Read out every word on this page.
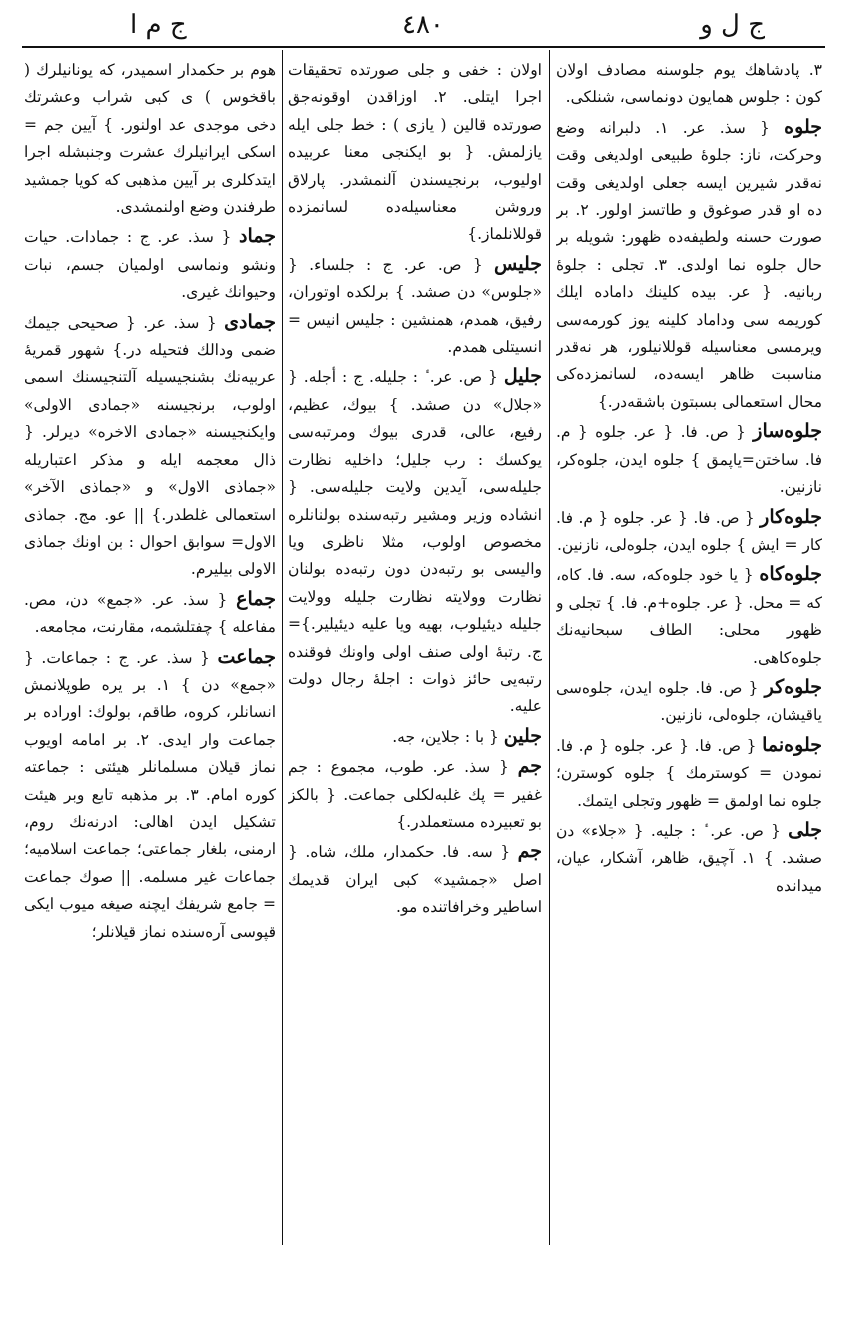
ج م ا	٤٨٠	ج ل و

٣. پادشاهك يوم جلوسنه مصادف اولان كون : جلوس همايون دونماسى، شنلكى.

جلوه { سذ. عر. ١. دلبرانه وضع وحركت، ناز: جلوهٔ طبيعى اولديغى وقت نه‌قدر شيرين ايسه جعلى اولديغى وقت ده او قدر صوغوق و طاتسز اولور. ٢. بر صورت حسنه ولطيفه‌ده ظهور: شويله بر حال جلوه نما اولدى. ٣. تجلى : جلوهٔ ربانيه. { عر. بيده كلينك داماده ايلك كوريمه سى وداماد كلينه يوز كورمه‌سى ويرمسى معناسيله قوللانيلور، هر نه‌قدر مناسبت ظاهر ايسه‌ده، لسانمزده‌كى محال استعمالى بسبتون باشقه‌در.}

جلوه‌ساز { ص. فا. { عر. جلوه { م. فا. ساختن=ياپمق } جلوه ايدن، جلوه‌كر، نازنين.

جلوه‌كار { ص. فا. { عر. جلوه { م. فا. كار = ايش } جلوه ايدن، جلوه‌لى، نازنين.

جلوه‌كاه { يا خود جلوه‌كه، سه. فا. كاه، كه = محل. { عر. جلوه+م. فا. } تجلى و ظهور محلى: الطاف سبحانيه‌نك جلوه‌كاهى.

جلوه‌كر { ص. فا. جلوه ايدن، جلوه‌سى ياقيشان، جلوه‌لى، نازنين.

جلوه‌نما { ص. فا. { عر. جلوه { م. فا. نمودن = كوسترمك } جلوه كوسترن؛ جلوه نما اولمق = ظهور وتجلى ايتمك.

جلى { ص. عر. ٔ : جليه. { «جلاء» دن صشد. } ١. آچيق، ظاهر، آشكار، عيان، ميدانده

اولان : خفى و جلى صورتده تحقيقات اجرا ايتلى. ٢. اوزاقدن اوقونه‌جق صورتده قالين ( يازى ) : خط جلى ايله يازلمش. { بو ايكنجى معنا عربيده اوليوب، برنجيسندن آلنمشدر. پارلاق وروشن معناسيله‌ده لسانمزده قوللانلماز.}

جليس { ص. عر. ج : جلساء. { «جلوس» دن صشد. } برلكده اوتوران، رفيق، همدم، همنشين : جليس انيس = انسيتلى همدم.

جليل { ص. عر. ٔ : جليله. ج : أجله. { «جلال» دن صشد. } بيوك، عظيم، رفيع، عالى، قدرى بيوك ومرتبه‌سى يوكسك : رب جليل؛ داخليه نظارت جليله‌سى، آيدين ولايت جليله‌سى. { انشاده وزير ومشير رتبه‌سنده بولنانلره مخصوص اولوب، مثلا ناظرى ويا واليسى بو رتبه‌دن دون رتبه‌ده بولنان نظارت وولايته نظارت جليله وولايت جليله ديئيلوب، بهيه ويا عليه ديئيلير.}= ج. رتبهٔ اولى صنف اولى واونك فوقنده رتبه‌يى حائز ذوات : اجلهٔ رجال دولت عليه.

جلين { با : جلاين، جه.

جم { سذ. عر. طوب، مجموع : جم غفير = پك غلبه‌لكلى جماعت. { بالكز بو تعبيرده مستعملدر.}

جم { سه. فا. حكمدار، ملك، شاه. { اصل «جمشيد» كبى ايران قديمك اساطير وخرافاتنده مو.

هوم بر حكمدار اسميدر، كه يونانيلرك ( باقخوس ) ى كبى شراب وعشرتك دخى موجدى عد اولنور. } آيين جم = اسكى ايرانيلرك عشرت وجنبشله اجرا ايتدكلرى بر آيين مذهبى كه كويا جمشيد طرفندن وضع اولنمشدى.

جماد { سذ. عر. ج : جمادات. حيات ونشو ونماسى اولميان جسم، نبات وحيوانك غيرى.

جمادى { سذ. عر. { صحيحى جيمك ضمى ودالك فتحيله در.} شهور قمريهٔ عربيه‌نك بشنجيسيله آلتنجيسنك اسمى اولوب، برنجيسنه «جمادى الاولى» وايكنجيسنه «جمادى الاخره» ديرلر. { ذال معجمه ايله و مذكر اعتباريله «جماذى الاول» و «جماذى الآخر» استعمالى غلطدر.} || عو. مج. جماذى الاول= سوابق احوال : بن اونك جماذى الاولى بيليرم.

جماع { سذ. عر. «جمع» دن، مص. مفاعله } چفتلشمه، مقارنت، مجامعه.

جماعت { سذ. عر. ج : جماعات. { «جمع» دن } ١. بر يره طوپلانمش انسانلر، كروه، طاقم، بولوك: اوراده بر جماعت وار ايدى. ٢. بر امامه اويوب نماز قيلان مسلمانلر هيئتى : جماعته كوره امام. ٣. بر مذهبه تابع وبر هيئت تشكيل ايدن اهالى: ادرنه‌نك روم، ارمنى، بلغار جماعتى؛ جماعت اسلاميه؛ جماعات غير مسلمه. || صوك جماعت = جامع شريفك ايچنه صيغه ميوب ايكى قپوسى آره‌سنده نماز قيلانلر؛
